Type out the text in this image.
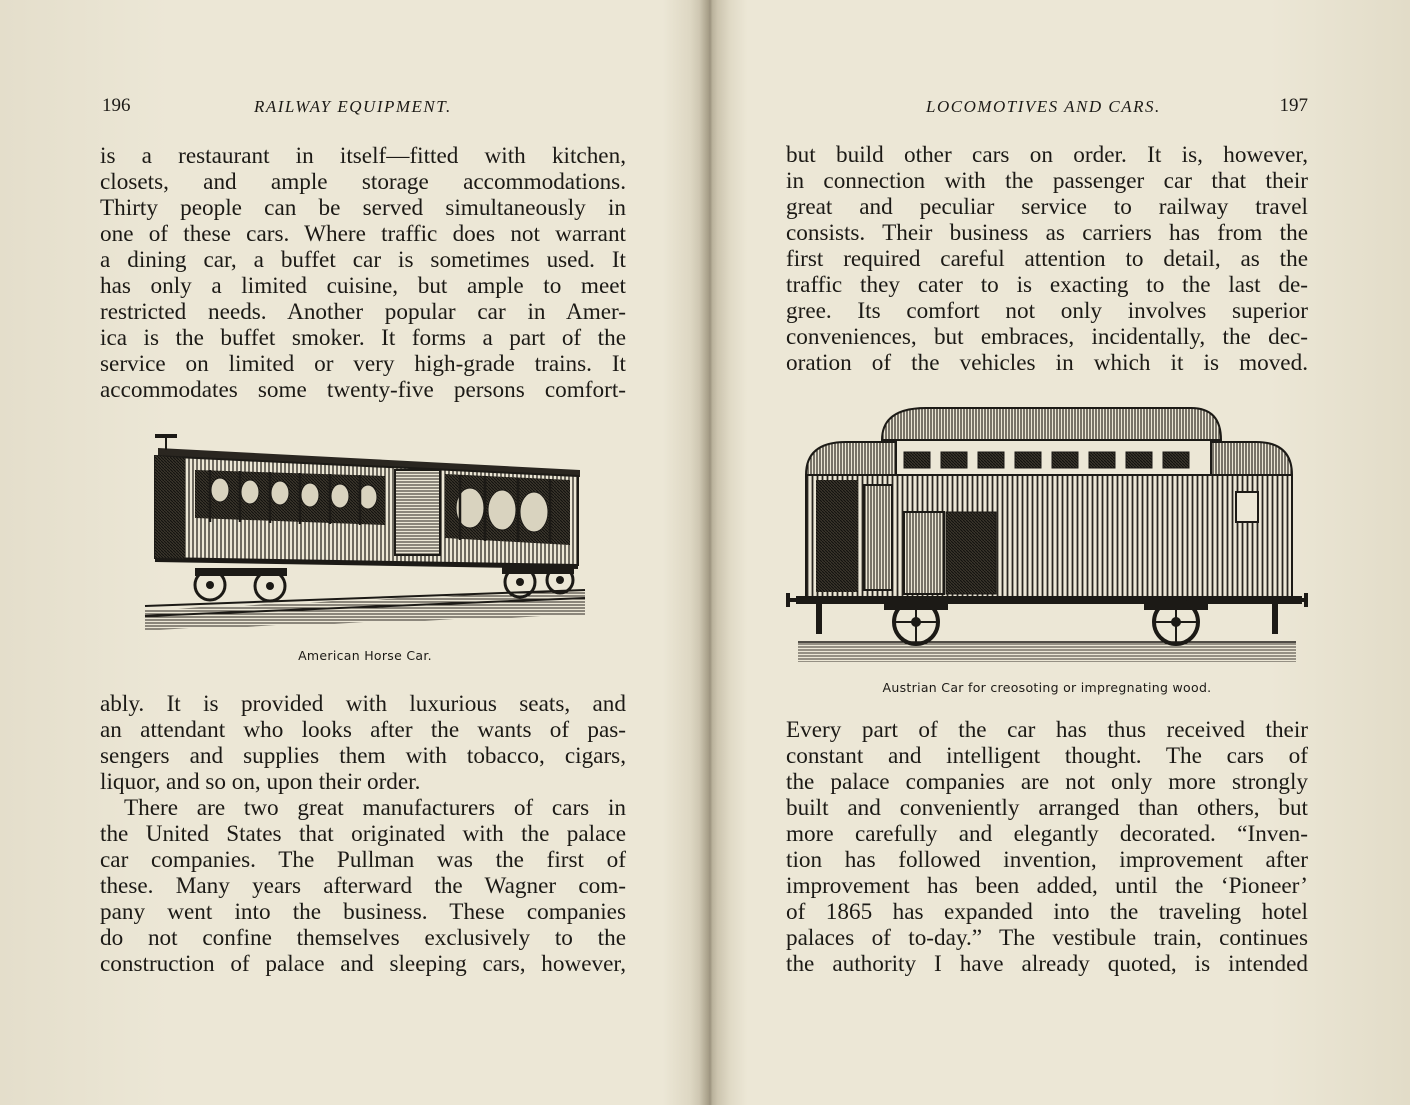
196	RAILWAY EQUIPMENT.

is a restaurant in itself—fitted with kitchen,
closets, and ample storage accommodations.
Thirty people can be served simultaneously in
one of these cars. Where traffic does not warrant
a dining car, a buffet car is sometimes used. It
has only a limited cuisine, but ample to meet
restricted needs. Another popular car in Amer-
ica is the buffet smoker. It forms a part of the
service on limited or very high-grade trains. It
accommodates some twenty-five persons comfort-

American Horse Car.

ably. It is provided with luxurious seats, and
an attendant who looks after the wants of pas-
sengers and supplies them with tobacco, cigars,
liquor, and so on, upon their order.

There are two great manufacturers of cars in
the United States that originated with the palace
car companies. The Pullman was the first of
these. Many years afterward the Wagner com-
pany went into the business. These companies
do not confine themselves exclusively to the
construction of palace and sleeping cars, however,

LOCOMOTIVES AND CARS.	197

but build other cars on order. It is, however,
in connection with the passenger car that their
great and peculiar service to railway travel
consists. Their business as carriers has from the
first required careful attention to detail, as the
traffic they cater to is exacting to the last de-
gree. Its comfort not only involves superior
conveniences, but embraces, incidentally, the dec-
oration of the vehicles in which it is moved.

Austrian Car for creosoting or impregnating wood.

Every part of the car has thus received their
constant and intelligent thought. The cars of
the palace companies are not only more strongly
built and conveniently arranged than others, but
more carefully and elegantly decorated. “Inven-
tion has followed invention, improvement after
improvement has been added, until the ‘Pioneer’
of 1865 has expanded into the traveling hotel
palaces of to-day.” The vestibule train, continues
the authority I have already quoted, is intended
